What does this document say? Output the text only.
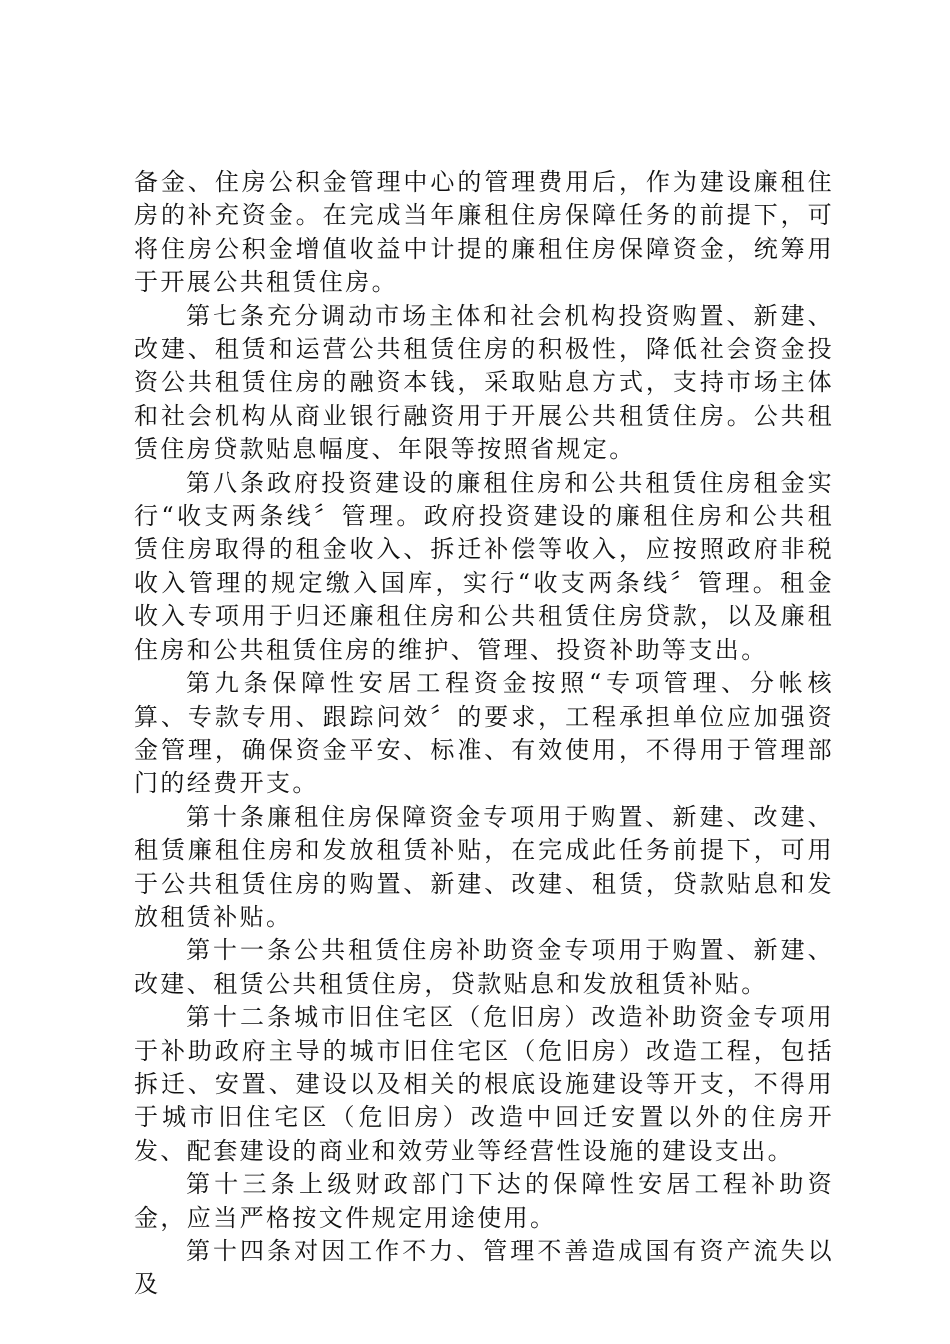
备金、住房公积金管理中心的管理费用后，作为建设廉租住房的补充资金。在完成当年廉租住房保障任务的前提下，可将住房公积金增值收益中计提的廉租住房保障资金，统筹用于开展公共租赁住房。

第七条充分调动市场主体和社会机构投资购置、新建、改建、租赁和运营公共租赁住房的积极性，降低社会资金投资公共租赁住房的融资本钱，采取贴息方式，支持市场主体和社会机构从商业银行融资用于开展公共租赁住房。公共租赁住房贷款贴息幅度、年限等按照省规定。

第八条政府投资建设的廉租住房和公共租赁住房租金实行“收支两条线〞管理。政府投资建设的廉租住房和公共租赁住房取得的租金收入、拆迁补偿等收入，应按照政府非税收入管理的规定缴入国库，实行“收支两条线〞管理。租金收入专项用于归还廉租住房和公共租赁住房贷款，以及廉租住房和公共租赁住房的维护、管理、投资补助等支出。

第九条保障性安居工程资金按照“专项管理、分帐核算、专款专用、跟踪问效〞的要求，工程承担单位应加强资金管理，确保资金平安、标准、有效使用，不得用于管理部门的经费开支。

第十条廉租住房保障资金专项用于购置、新建、改建、租赁廉租住房和发放租赁补贴，在完成此任务前提下，可用于公共租赁住房的购置、新建、改建、租赁，贷款贴息和发放租赁补贴。

第十一条公共租赁住房补助资金专项用于购置、新建、改建、租赁公共租赁住房，贷款贴息和发放租赁补贴。

第十二条城市旧住宅区（危旧房）改造补助资金专项用于补助政府主导的城市旧住宅区（危旧房）改造工程，包括拆迁、安置、建设以及相关的根底设施建设等开支，不得用于城市旧住宅区（危旧房）改造中回迁安置以外的住房开发、配套建设的商业和效劳业等经营性设施的建设支出。

第十三条上级财政部门下达的保障性安居工程补助资金，应当严格按文件规定用途使用。

第十四条对因工作不力、管理不善造成国有资产流失以及
